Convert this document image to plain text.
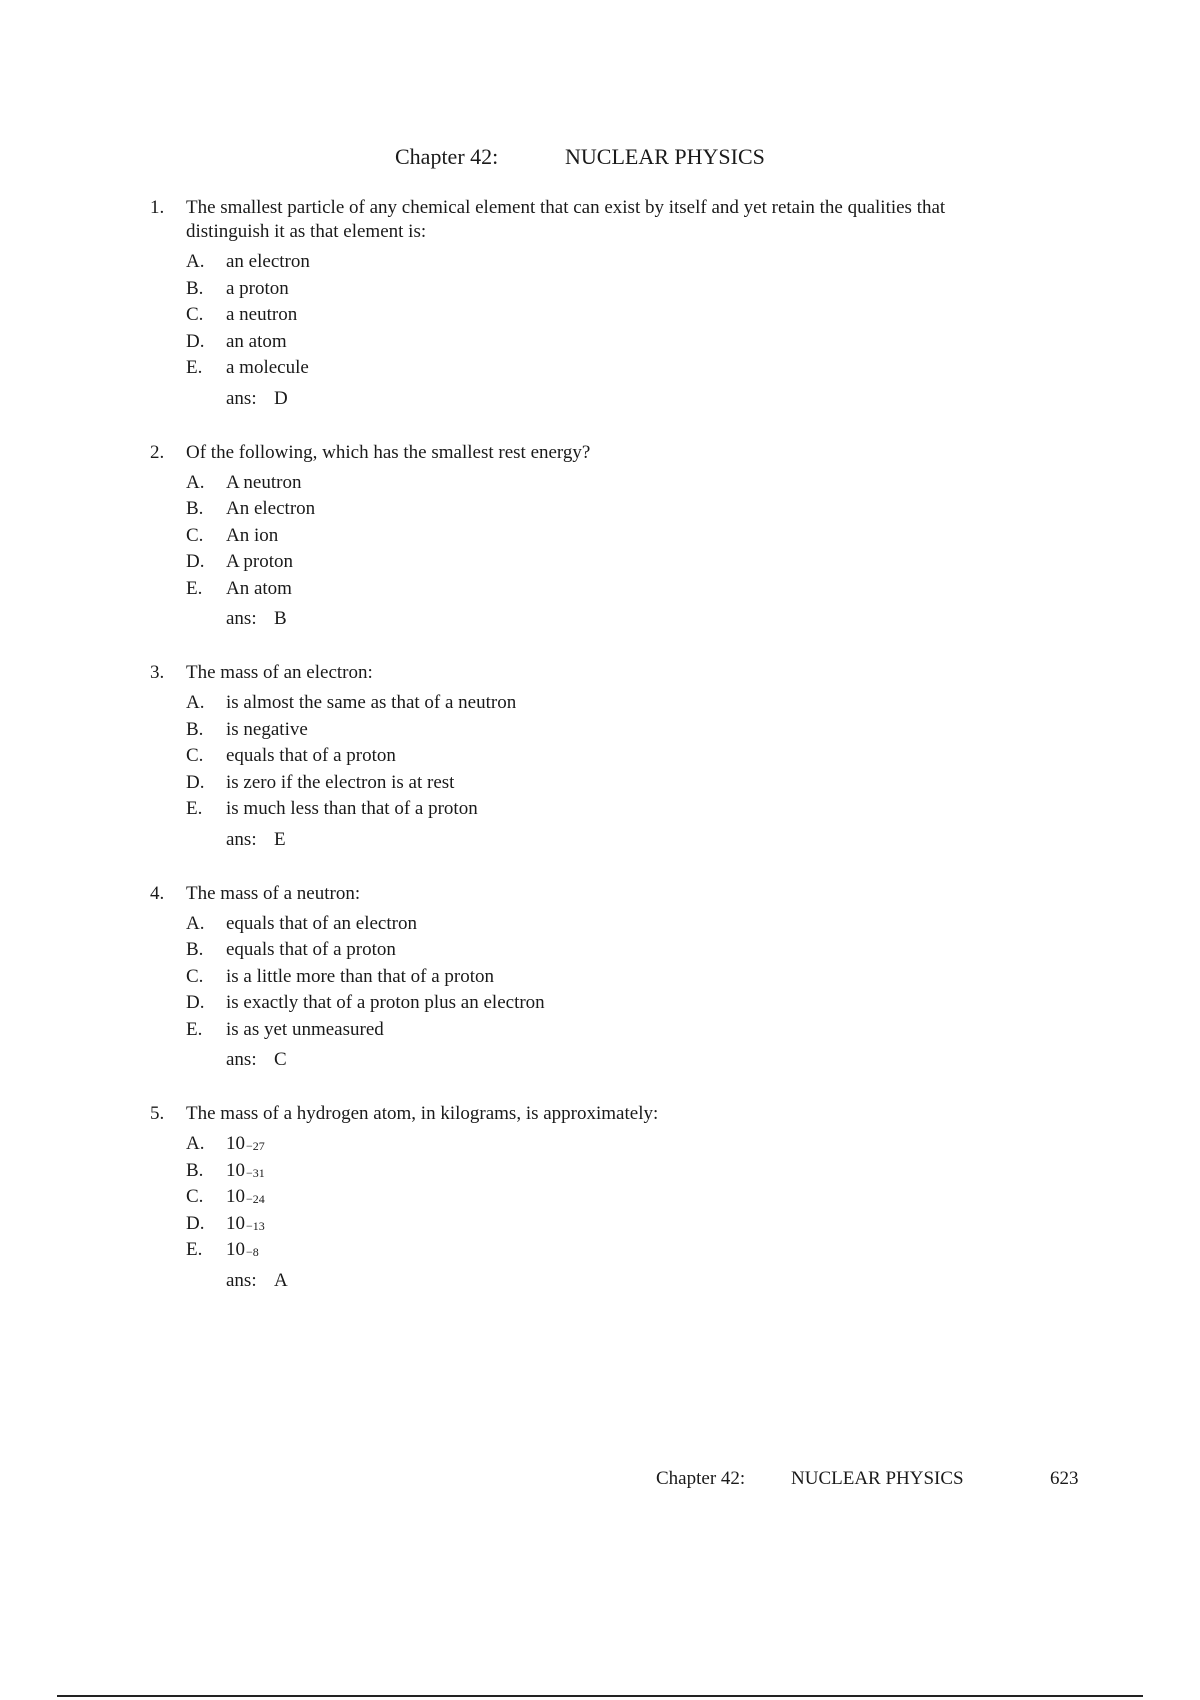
Chapter 42:	NUCLEAR PHYSICS
1.	The smallest particle of any chemical element that can exist by itself and yet retain the qualities that distinguish it as that element is:
A.	an electron
B.	a proton
C.	a neutron
D.	an atom
E.	a molecule
ans: D
2.	Of the following, which has the smallest rest energy?
A.	A neutron
B.	An electron
C.	An ion
D.	A proton
E.	An atom
ans: B
3.	The mass of an electron:
A.	is almost the same as that of a neutron
B.	is negative
C.	equals that of a proton
D.	is zero if the electron is at rest
E.	is much less than that of a proton
ans: E
4.	The mass of a neutron:
A.	equals that of an electron
B.	equals that of a proton
C.	is a little more than that of a proton
D.	is exactly that of a proton plus an electron
E.	is as yet unmeasured
ans: C
5.	The mass of a hydrogen atom, in kilograms, is approximately:
A.	10 −27
B.	10 −31
C.	10 −24
D.	10 −13
E.	10 −8
ans: A
Chapter 42: NUCLEAR PHYSICS	623
